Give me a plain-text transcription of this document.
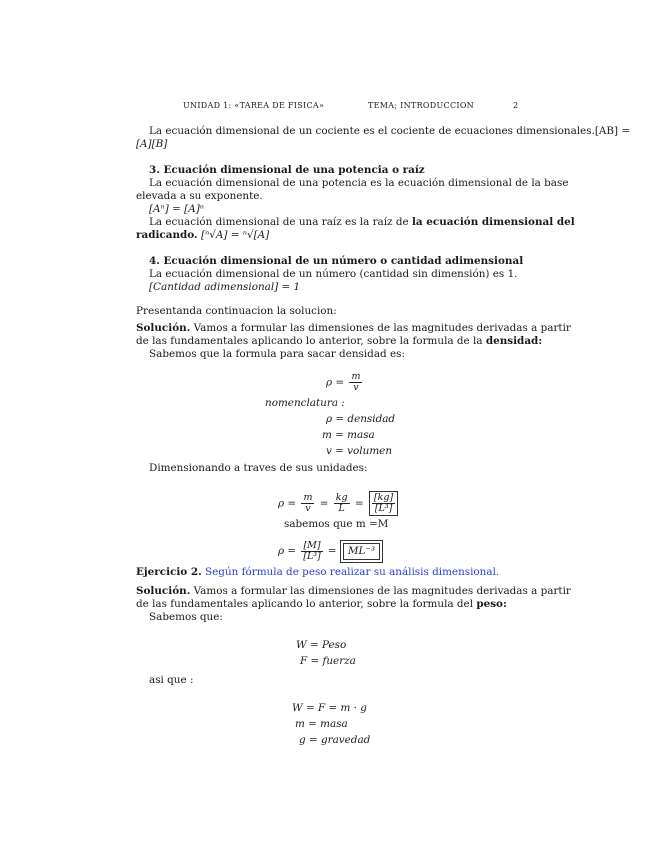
UNIDAD 1: «TAREA DE FISICA»	TEMA; INTRODUCCION	2
La ecuación dimensional de un cociente es el cociente de ecuaciones dimensionales.[AB] =
[A][B]
3. Ecuación dimensional de una potencia o raíz
La ecuación dimensional de una potencia es la ecuación dimensional de la base
elevada a su exponente.
[Aⁿ] = [A]ⁿ
La ecuación dimensional de una raíz es la raíz de la ecuación dimensional del
radicando. [ⁿ√A] = ⁿ√[A]
4. Ecuación dimensional de un número o cantidad adimensional
La ecuación dimensional de un número (cantidad sin dimensión) es 1.
[Cantidad adimensional] = 1
Presentanda continuacion la solucion:
Solución. Vamos a formular las dimensiones de las magnitudes derivadas a partir
de las fundamentales aplicando lo anterior, sobre la formula de la densidad:
Sabemos que la formula para sacar densidad es:
$\rho = \frac{m}{v}$
nomenclatura :
ρ = densidad
m = masa
v = volumen
Dimensionando a traves de sus unidades:
$\rho = \frac{m}{v} = \frac{kg}{L} = \frac{[kg]}{\text{[L³]}}$
sabemos que m =M
$\rho = \frac{[M]}{\text{[L³]}} = ML^{-3}$
Ejercicio 2. Según fórmula de peso realizar su análisis dimensional.
Solución. Vamos a formular las dimensiones de las magnitudes derivadas a partir
de las fundamentales aplicando lo anterior, sobre la formula del peso:
Sabemos que:
W = Peso
F = fuerza
asi que :
W = F = m · g
m = masa
g = gravedad
